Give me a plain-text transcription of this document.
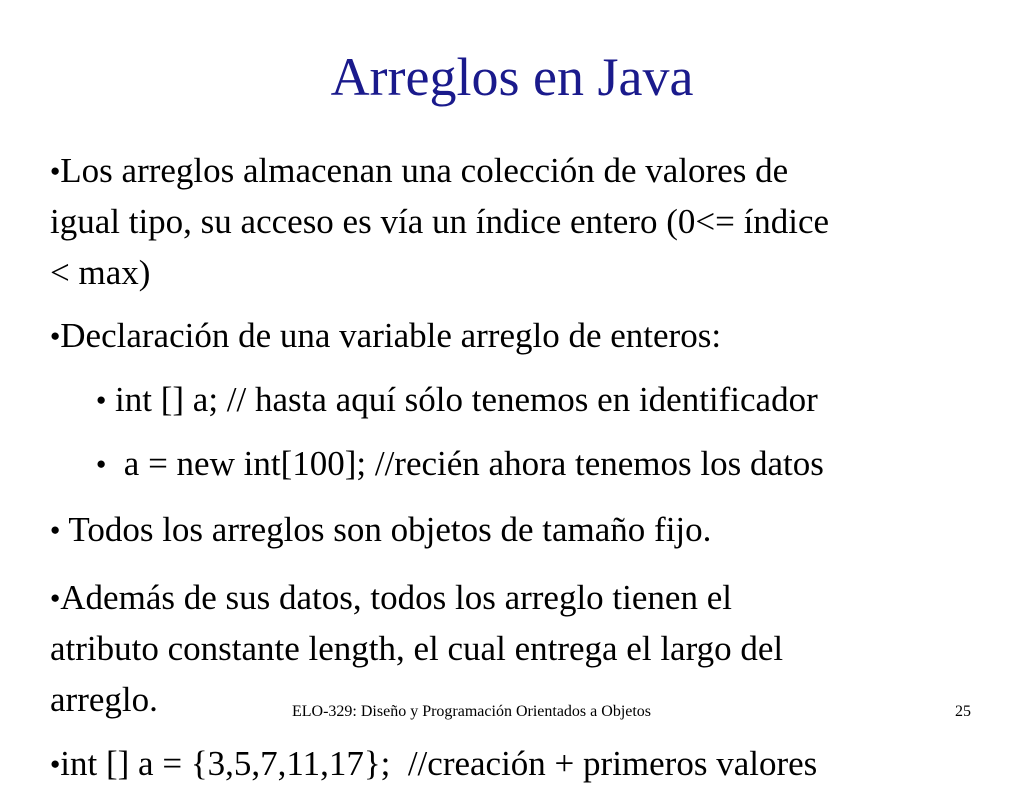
Arreglos en Java
●Los arreglos almacenan una colección de valores de
igual tipo, su acceso es vía un índice entero (0<= índice
< max)
●Declaración de una variable arreglo de enteros:
● int [] a; // hasta aquí sólo tenemos en identificador
●  a = new int[100]; //recién ahora tenemos los datos
● Todos los arreglos son objetos de tamaño fijo.
●Además de sus datos, todos los arreglo tienen el
atributo constante length, el cual entrega el largo del
arreglo.
●int [] a = {3,5,7,11,17};  //creación + primeros valores
ELO-329: Diseño y Programación Orientados a Objetos	25
